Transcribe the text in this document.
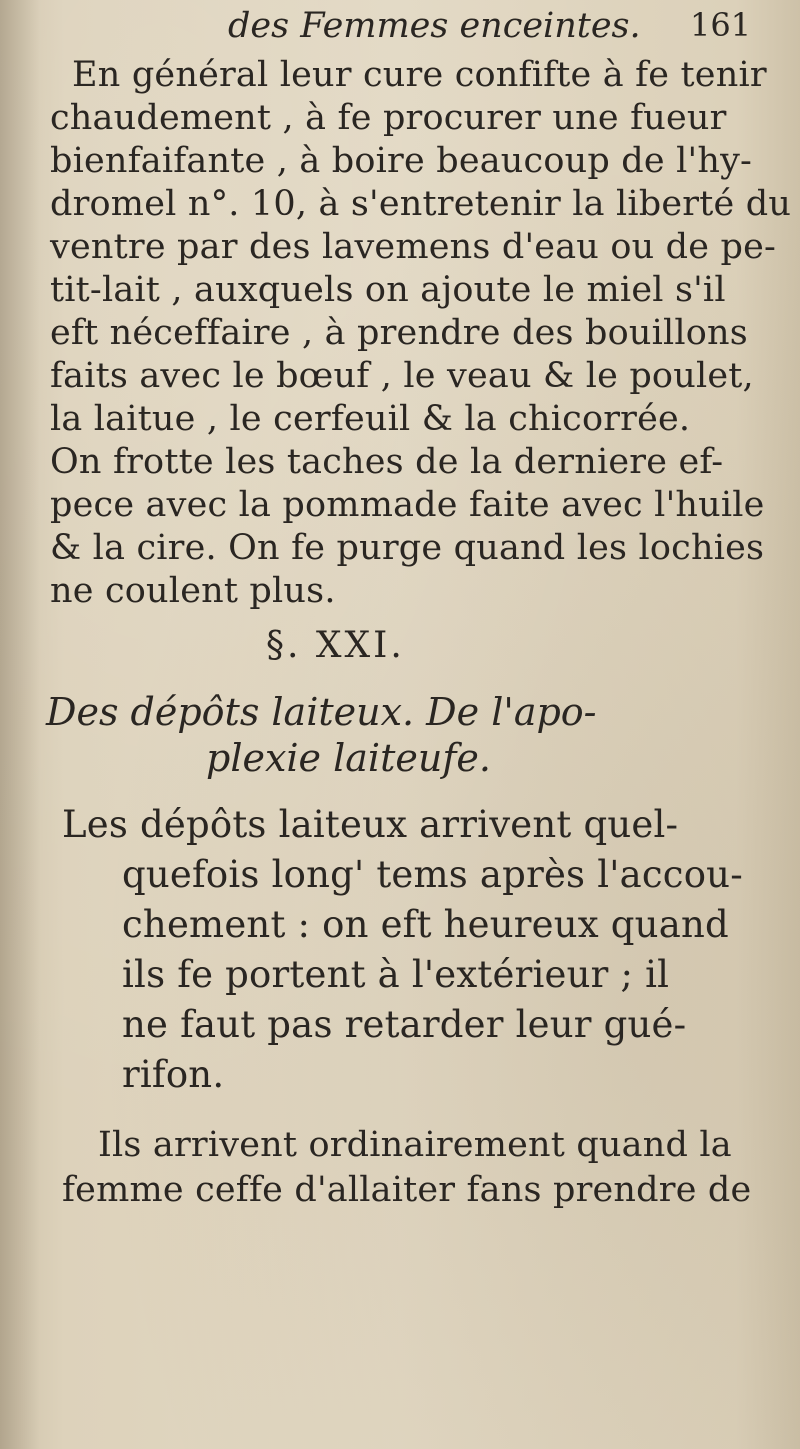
des Femmes enceintes. 161
En général leur cure confifte à fe tenir
chaudement , à fe procurer une fueur
bienfaifante , à boire beaucoup de l'hy-
dromel n°. 10, à s'entretenir la liberté du
ventre par des lavemens d'eau ou de pe-
tit-lait , auxquels on ajoute le miel s'il
eft néceffaire , à prendre des bouillons
faits avec le bœuf , le veau & le poulet,
la laitue , le cerfeuil & la chicorrée.
On frotte les taches de la derniere ef-
pece avec la pommade faite avec l'huile
& la cire. On fe purge quand les lochies
ne coulent plus.
§. XXI.
Des dépôts laiteux. De l'apo-
plexie laiteufe.
Les dépôts laiteux arrivent quel-
quefois long' tems après l'accou-
chement : on eft heureux quand
ils fe portent à l'extérieur ; il
ne faut pas retarder leur gué-
rifon.
Ils arrivent ordinairement quand la
femme ceffe d'allaiter fans prendre de
